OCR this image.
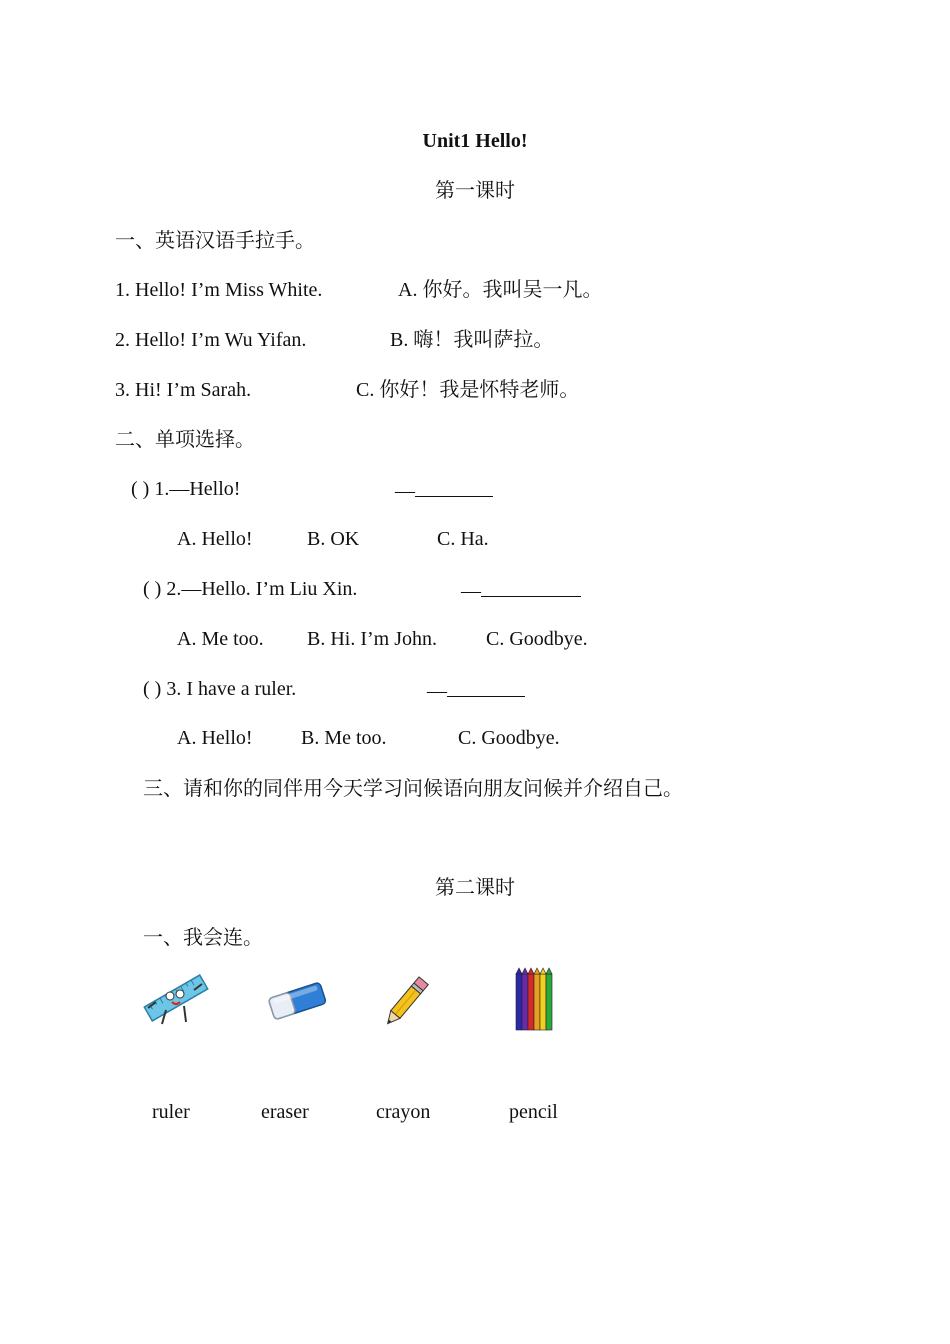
Unit1 Hello!
第一课时
一、英语汉语手拉手。
1. Hello! I’m Miss White.	A. 你好。我叫吴一凡。
2. Hello! I’m Wu Yifan.	B. 嗨！我叫萨拉。
3. Hi! I’m Sarah.	C. 你好！我是怀特老师。
二、单项选择。
( ) 1.—Hello!	—
A. Hello!	B. OK	C. Ha.
( ) 2.—Hello. I’m Liu Xin.	—
A. Me too. B. Hi. I’m John. C. Goodbye.
( ) 3. I have a ruler.	—
A. Hello! B. Me too.	C. Goodbye.
三、请和你的同伴用今天学习问候语向朋友问候并介绍自己。
第二课时
一、我会连。
ruler	eraser	crayon	pencil
